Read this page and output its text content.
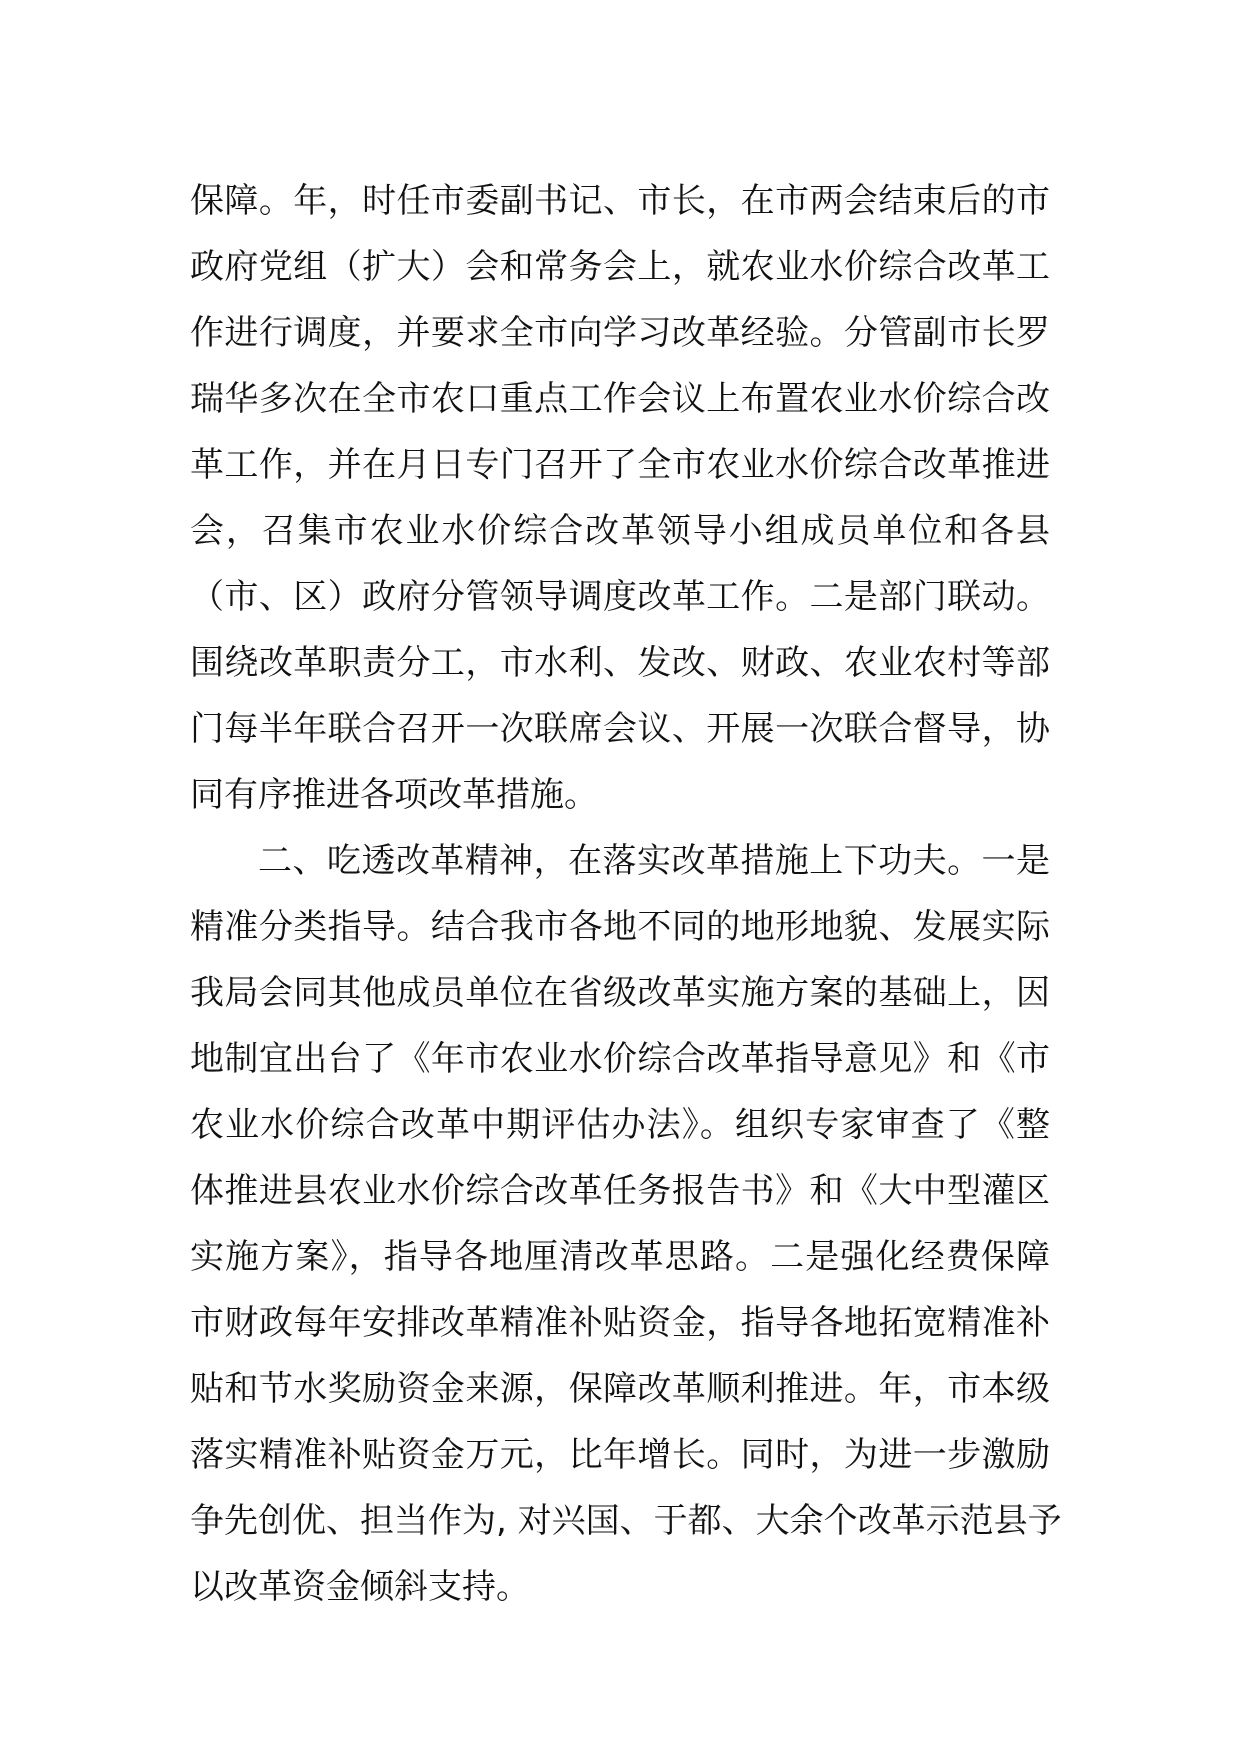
保障。年，时任市委副书记、市长，在市两会结束后的市
政府党组（扩大）会和常务会上，就农业水价综合改革工
作进行调度，并要求全市向学习改革经验。分管副市长罗
瑞华多次在全市农口重点工作会议上布置农业水价综合改
革工作，并在月日专门召开了全市农业水价综合改革推进
会，召集市农业水价综合改革领导小组成员单位和各县
（市、区）政府分管领导调度改革工作。二是部门联动。
围绕改革职责分工，市水利、发改、财政、农业农村等部
门每半年联合召开一次联席会议、开展一次联合督导，协
同有序推进各项改革措施。
二、吃透改革精神，在落实改革措施上下功夫。一是
精准分类指导。结合我市各地不同的地形地貌、发展实际
我局会同其他成员单位在省级改革实施方案的基础上，因
地制宜出台了《年市农业水价综合改革指导意见》和《市
农业水价综合改革中期评估办法》。组织专家审查了《整
体推进县农业水价综合改革任务报告书》和《大中型灌区
实施方案》，指导各地厘清改革思路。二是强化经费保障
市财政每年安排改革精准补贴资金，指导各地拓宽精准补
贴和节水奖励资金来源，保障改革顺利推进。年，市本级
落实精准补贴资金万元，比年增长。同时，为进一步激励
争先创优、担当作为, 对兴国、于都、大余个改革示范县予
以改革资金倾斜支持。
